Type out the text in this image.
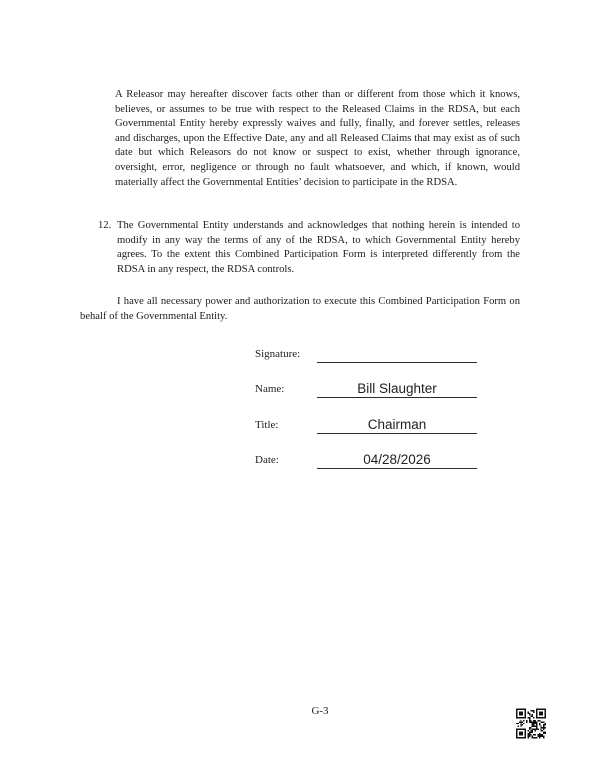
A Releasor may hereafter discover facts other than or different from those which it knows, believes, or assumes to be true with respect to the Released Claims in the RDSA, but each Governmental Entity hereby expressly waives and fully, finally, and forever settles, releases and discharges, upon the Effective Date, any and all Released Claims that may exist as of such date but which Releasors do not know or suspect to exist, whether through ignorance, oversight, error, negligence or through no fault whatsoever, and which, if known, would materially affect the Governmental Entities’ decision to participate in the RDSA.

12. The Governmental Entity understands and acknowledges that nothing herein is intended to modify in any way the terms of any of the RDSA, to which Governmental Entity hereby agrees. To the extent this Combined Participation Form is interpreted differently from the RDSA in any respect, the RDSA controls.

I have all necessary power and authorization to execute this Combined Participation Form on behalf of the Governmental Entity.

Signature:
Name:	Bill Slaughter
Title:	Chairman
Date:	04/28/2026
G-3
